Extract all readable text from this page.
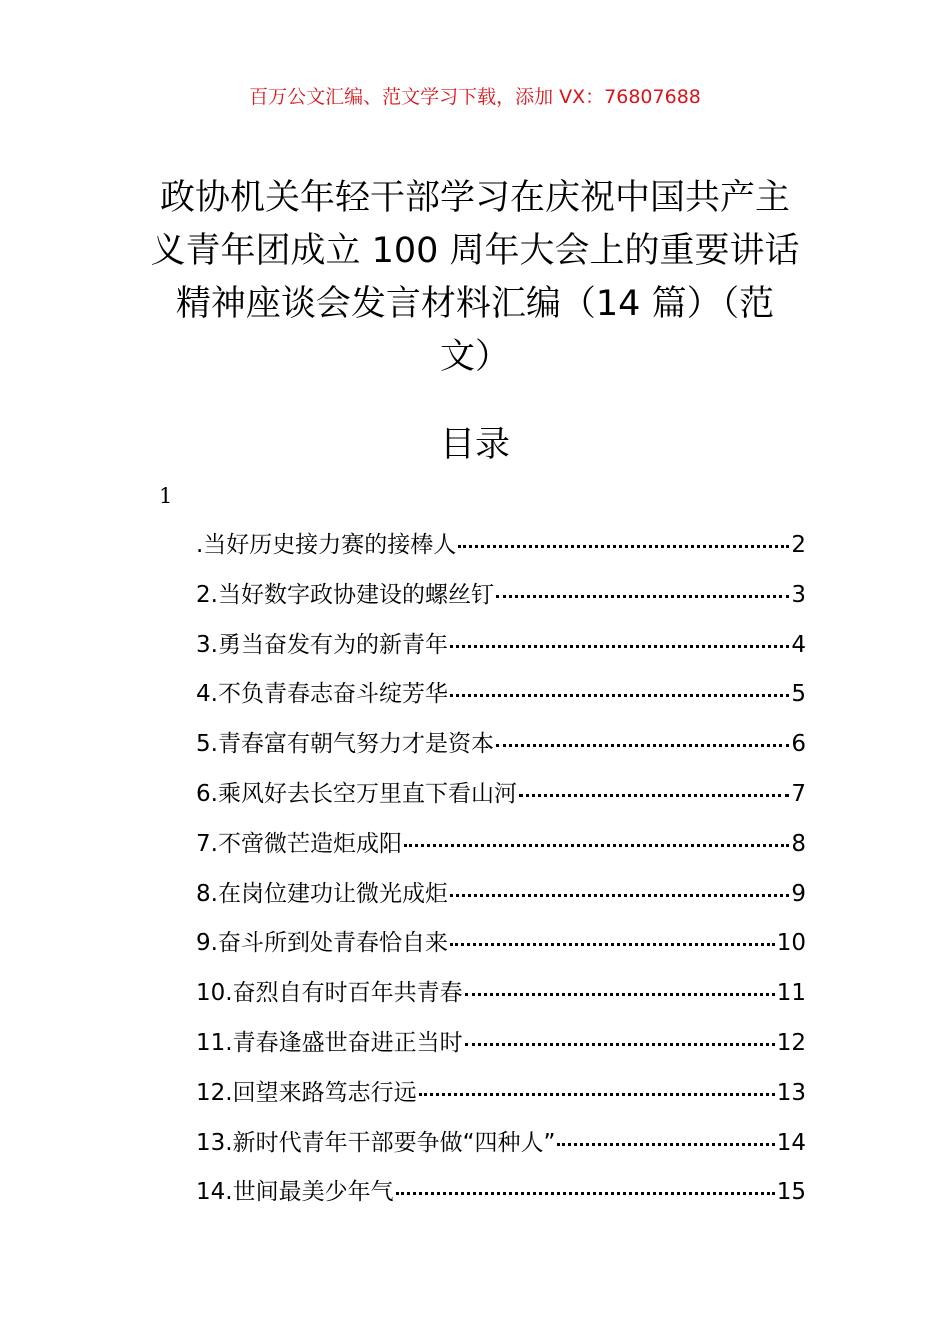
百万公文汇编、范文学习下载，添加 VX：76807688
政协机关年轻干部学习在庆祝中国共产主
义青年团成立 100 周年大会上的重要讲话
精神座谈会发言材料汇编（14 篇）（范
文）
目录
1
.当好历史接力赛的接棒人	2
2.当好数字政协建设的螺丝钉	3
3.勇当奋发有为的新青年	4
4.不负青春志奋斗绽芳华	5
5.青春富有朝气努力才是资本	6
6.乘风好去长空万里直下看山河	7
7.不啻微芒造炬成阳	8
8.在岗位建功让微光成炬	9
9.奋斗所到处青春恰自来	10
10.奋烈自有时百年共青春	11
11.青春逢盛世奋进正当时	12
12.回望来路笃志行远	13
13.新时代青年干部要争做“四种人”	14
14.世间最美少年气	15
